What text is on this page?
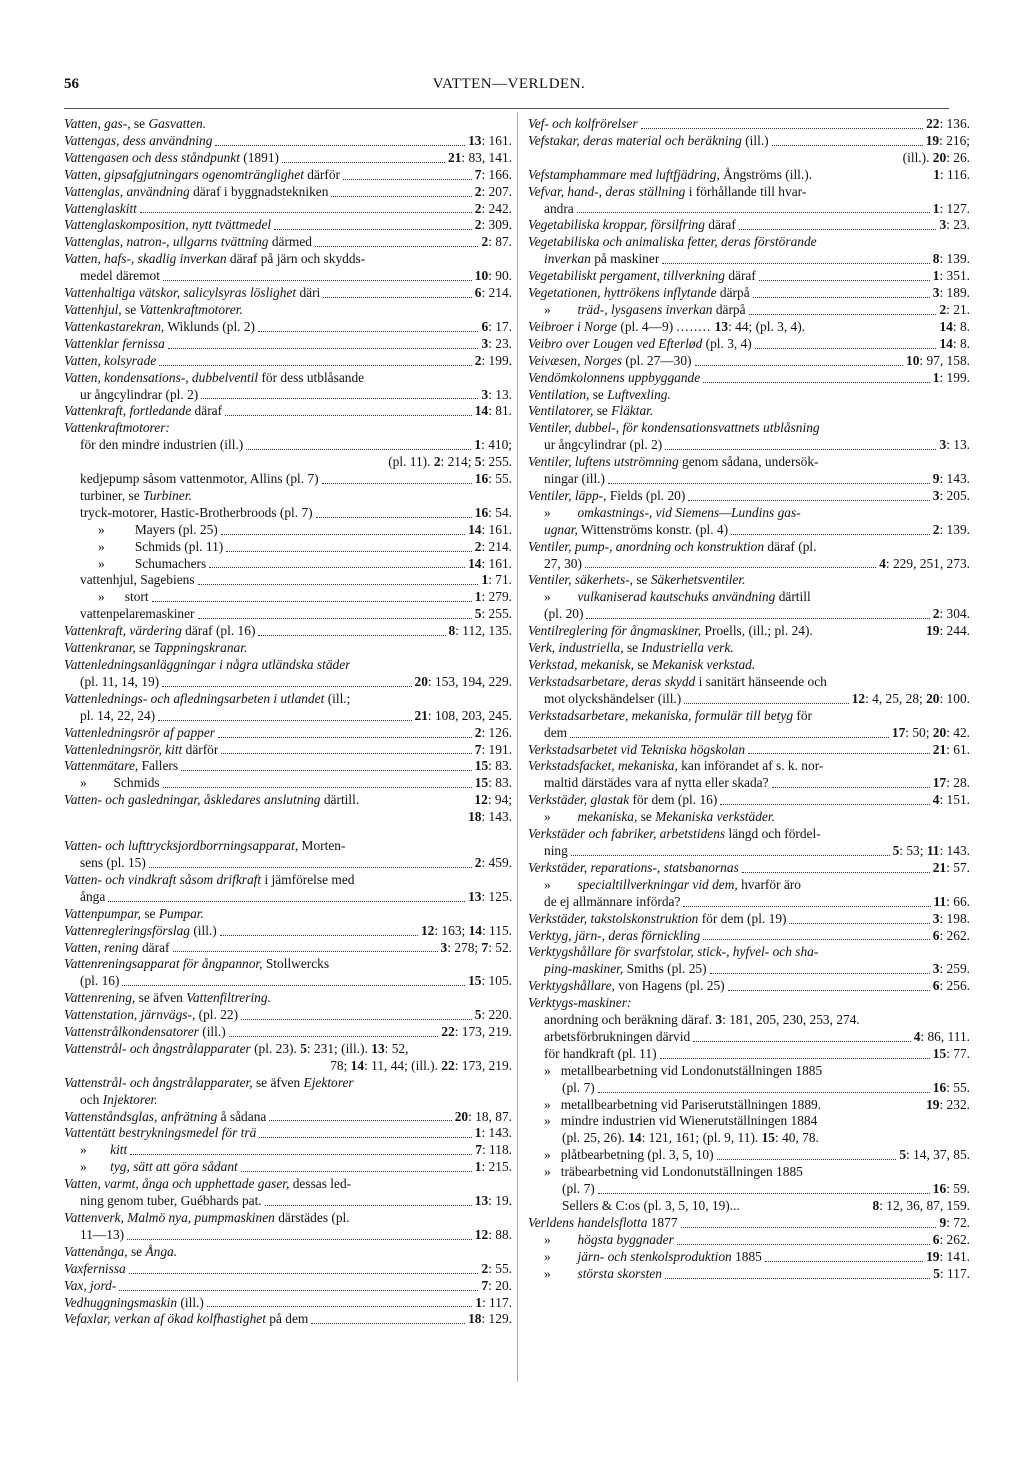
56	VATTEN—VERLDEN.
Vatten, gas-, se Gasvatten.
Vattengas, dess användning	13: 161.
Vattengasen och dess ståndpunkt (1891)	21: 83, 141.
Vatten, gipsafgjutningars ogenomtränglighet därför	7: 166.
Vattenglas, användning däraf i byggnadstekniken	2: 207.
Vattenglaskitt	2: 242.
Vattenglaskomposition, nytt tvättmedel	2: 309.
Vattenglas, natron-, ullgarns tvättning därmed	2: 87.
Vatten, hafs-, skadlig inverkan däraf på järn och skydds-
medel däremot	10: 90.
Vattenhaltiga vätskor, salicylsyras löslighet däri	6: 214.
Vattenhjul, se Vattenkraftmotorer.
Vattenkastarekran, Wiklunds (pl. 2)	6: 17.
Vattenklar fernissa	3: 23.
Vatten, kolsyrade	2: 199.
Vatten, kondensations-, dubbelventil för dess utblåsande
ur ångcylindrar (pl. 2)	3: 13.
Vattenkraft, fortledande däraf	14: 81.
Vattenkraftmotorer:
för den mindre industrien (ill.)	1: 410;
(pl. 11). 2: 214; 5: 255.
kedjepump såsom vattenmotor, Allins (pl. 7)	16: 55.
turbiner, se Turbiner.
tryck-motorer, Hastic-Brotherbroods (pl. 7)	16: 54.
»         Mayers (pl. 25)	14: 161.
»         Schmids (pl. 11)	2: 214.
»         Schumachers	14: 161.
vattenhjul, Sagebiens	1: 71.
»      stort	1: 279.
vattenpelaremaskiner	5: 255.
Vattenkraft, värdering däraf (pl. 16)	8: 112, 135.
Vattenkranar, se Tappningskranar.
Vattenledningsanläggningar i några utländska städer
(pl. 11, 14, 19)	20: 153, 194, 229.
Vattenlednings- och afledningsarbeten i utlandet (ill.;
pl. 14, 22, 24)	21: 108, 203, 245.
Vattenledningsrör af papper	2: 126.
Vattenledningsrör, kitt därför	7: 191.
Vattenmätare, Fallers	15: 83.
»        Schmids	15: 83.
Vatten- och gasledningar, åskledares anslutning därtill.	12: 94;
18: 143.
Vatten- och lufttrycksjordborrningsapparat, Morten-
sens (pl. 15)	2: 459.
Vatten- och vindkraft såsom drifkraft i jämförelse med
ånga	13: 125.
Vattenpumpar, se Pumpar.
Vattenregleringsförslag (ill.)	12: 163; 14: 115.
Vatten, rening däraf	3: 278; 7: 52.
Vattenreningsapparat för ångpannor, Stollwercks
(pl. 16)	15: 105.
Vattenrening, se äfven Vattenfiltrering.
Vattenstation, järnvägs-, (pl. 22)	5: 220.
Vattenstrålkondensatorer (ill.)	22: 173, 219.
Vattenstrål- och ångstrålapparater (pl. 23). 5: 231; (ill.). 13: 52,
78; 14: 11, 44; (ill.). 22: 173, 219.
Vattenstrål- och ångstrålapparater, se äfven Ejektorer
och Injektorer.
Vattenståndsglas, anfrätning å sådana	20: 18, 87.
Vattentätt bestrykningsmedel för trä	1: 143.
»       kitt	7: 118.
»       tyg, sätt att göra sådant	1: 215.
Vatten, varmt, ånga och upphettade gaser, dessas led-
ning genom tuber, Guébhards pat.	13: 19.
Vattenverk, Malmö nya, pumpmaskinen därstädes (pl.
11—13)	12: 88.
Vattenånga, se Ånga.
Vaxfernissa	2: 55.
Vax, jord-	7: 20.
Vedhuggningsmaskin (ill.)	1: 117.
Vefaxlar, verkan af ökad kolfhastighet på dem	18: 129.
Vef- och kolfrörelser	22: 136.
Vefstakar, deras material och beräkning (ill.)	19: 216;
(ill.). 20: 26.
Vefstamphammare med luftfjädring, Ångströms (ill.).	1: 116.
Vefvar, hand-, deras ställning i förhållande till hvar-
andra	1: 127.
Vegetabiliska kroppar, försilfring däraf	3: 23.
Vegetabiliska och animaliska fetter, deras förstörande
inverkan på maskiner	8: 139.
Vegetabiliskt pergament, tillverkning däraf	1: 351.
Vegetationen, hyttrökens inflytande därpå	3: 189.
»        träd-, lysgasens inverkan därpå	2: 21.
Veibroer i Norge (pl. 4—9) ........ 13: 44; (pl. 3, 4).	14: 8.
Veibro over Lougen ved Efterlød (pl. 3, 4)	14: 8.
Veivæsen, Norges (pl. 27—30)	10: 97, 158.
Vendömkolonnens uppbyggande	1: 199.
Ventilation, se Luftvexling.
Ventilatorer, se Fläktar.
Ventiler, dubbel-, för kondensationsvattnets utblåsning
ur ångcylindrar (pl. 2)	3: 13.
Ventiler, luftens utströmning genom sådana, undersök-
ningar (ill.)	9: 143.
Ventiler, läpp-, Fields (pl. 20)	3: 205.
»        omkastnings-, vid Siemens—Lundins gas-
ugnar, Wittenströms konstr. (pl. 4)	2: 139.
Ventiler, pump-, anordning och konstruktion däraf (pl.
27, 30)	4: 229, 251, 273.
Ventiler, säkerhets-, se Säkerhetsventiler.
»        vulkaniserad kautschuks användning därtill
(pl. 20)	2: 304.
Ventilreglering för ångmaskiner, Proells, (ill.; pl. 24).	19: 244.
Verk, industriella, se Industriella verk.
Verkstad, mekanisk, se Mekanisk verkstad.
Verkstadsarbetare, deras skydd i sanitärt hänseende och
mot olyckshändelser (ill.)	12: 4, 25, 28; 20: 100.
Verkstadsarbetare, mekaniska, formulär till betyg för
dem	17: 50; 20: 42.
Verkstadsarbetet vid Tekniska högskolan	21: 61.
Verkstadsfacket, mekaniska, kan införandet af s. k. nor-
maltid därstädes vara af nytta eller skada?	17: 28.
Verkstäder, glastak för dem (pl. 16)	4: 151.
»        mekaniska, se Mekaniska verkstäder.
Verkstäder och fabriker, arbetstidens längd och fördel-
ning	5: 53; 11: 143.
Verkstäder, reparations-, statsbanornas	21: 57.
»        specialtillverkningar vid dem, hvarför äro
de ej allmännare införda?	11: 66.
Verkstäder, takstolskonstruktion för dem (pl. 19)	3: 198.
Verktyg, järn-, deras förnickling	6: 262.
Verktygshållare för svarfstolar, stick-, hyfvel- och sha-
ping-maskiner, Smiths (pl. 25)	3: 259.
Verktygshållare, von Hagens (pl. 25)	6: 256.
Verktygs-maskiner:
anordning och beräkning däraf. 3: 181, 205, 230, 253, 274.
arbetsförbrukningen därvid	4: 86, 111.
för handkraft (pl. 11)	15: 77.
»   metallbearbetning vid Londonutställningen 1885
(pl. 7)	16: 55.
»   metallbearbetning vid Pariserutställningen 1889.	19: 232.
»   mindre industrien vid Wienerutställningen 1884
(pl. 25, 26). 14: 121, 161; (pl. 9, 11). 15: 40, 78.
»   plåtbearbetning (pl. 3, 5, 10)	5: 14, 37, 85.
»   träbearbetning vid Londonutställningen 1885
(pl. 7)	16: 59.
Sellers & C:os (pl. 3, 5, 10, 19)...	8: 12, 36, 87, 159.
Verldens handelsflotta 1877	9: 72.
»        högsta byggnader	6: 262.
»        järn- och stenkolsproduktion 1885	19: 141.
»        största skorsten	5: 117.
